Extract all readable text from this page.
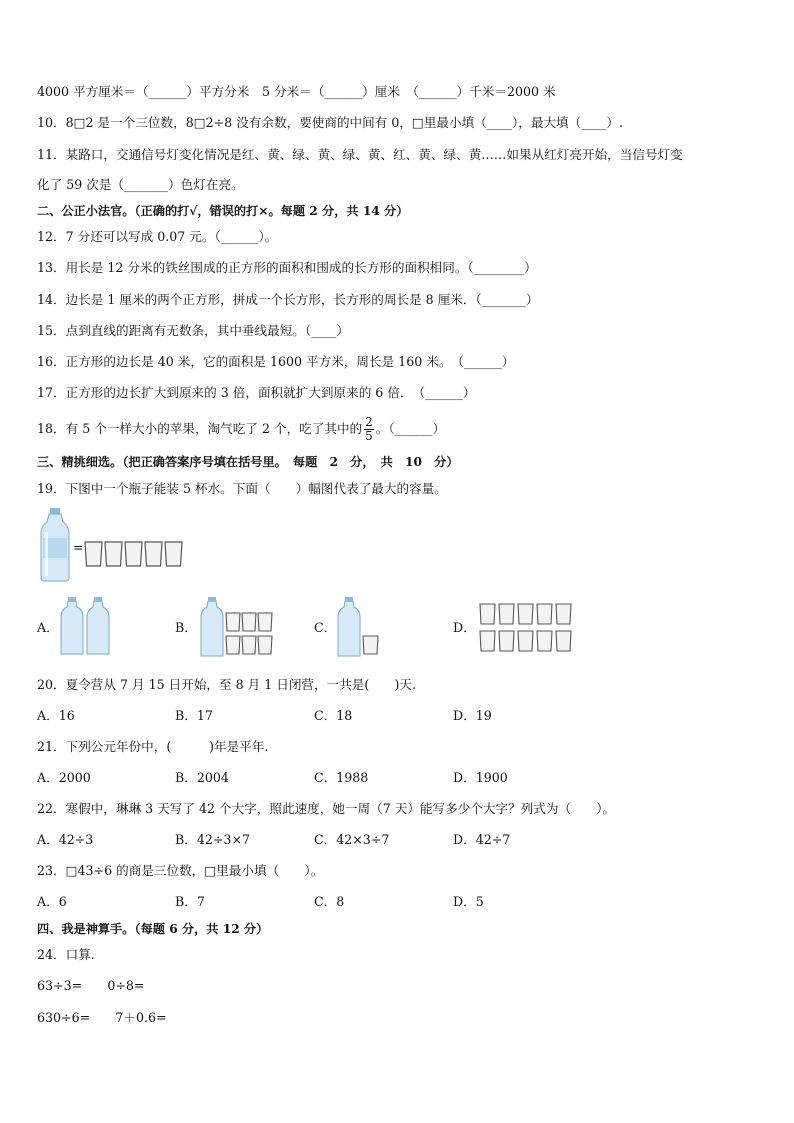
4000 平方厘米＝（______）平方分米　5 分米＝（______）厘米　（______）千米＝2000 米
10．8□2 是一个三位数，8□2÷8 没有余数，要使商的中间有 0，□里最小填（____），最大填（____）.
11．某路口，交通信号灯变化情况是红、黄、绿、黄、绿、黄、红、黄、绿、黄……如果从红灯亮开始，当信号灯变
化了 59 次是（_______）色灯在亮。
二、公正小法官。（正确的打√，错误的打×。每题 2 分，共 14 分）
12．7 分还可以写成 0.07 元。（______）。
13．用长是 12 分米的铁丝围成的正方形的面积和围成的长方形的面积相同。（________）
14．边长是 1 厘米的两个正方形，拼成一个长方形，长方形的周长是 8 厘米．（_______）
15．点到直线的距离有无数条，其中垂线最短。（____）
16．正方形的边长是 40 米，它的面积是 1600 平方米，周长是 160 米。　（______）
17．正方形的边长扩大到原来的 3 倍，面积就扩大到原来的 6 倍．　（______）
18．有 5 个一样大小的苹果，淘气吃了 2 个，吃了其中的 $\frac{2}{5}$ 。（______）
三、精挑细选。（把正确答案序号填在括号里。　每题　2　分，　共　10　分）
19．下图中一个瓶子能装 5 杯水。下面（　　）幅图代表了最大的容量。
=
A．	B．	C．	D．
20．夏令营从 7 月 15 日开始，至 8 月 1 日闭营，一共是(　　)天.
A．16	B．17	C．18	D．19
21．下列公元年份中，(　　　)年是平年.
A．2000	B．2004	C．1988	D．1900
22．寒假中，琳琳 3 天写了 42 个大字，照此速度，她一周（7 天）能写多少个大字？列式为（　　）。
A．42÷3	B．42÷3×7	C．42×3÷7	D．42÷7
23．□43÷6 的商是三位数，□里最小填（　　）。
A．6	B．7	C．8	D．5
四、我是神算手。（每题 6 分，共 12 分）
24．口算.
63÷3=　　0÷8=
630÷6=　　7＋0.6=
